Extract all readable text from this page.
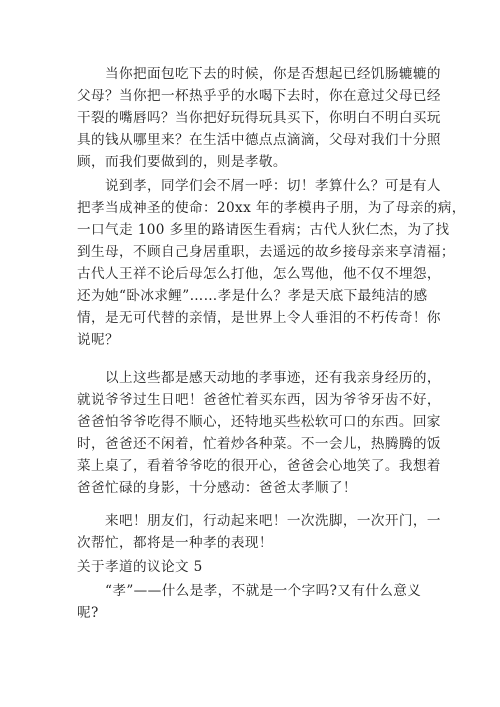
　　当你把面包吃下去的时候，你是否想起已经饥肠辘辘的
父母？当你把一杯热乎乎的水喝下去时，你在意过父母已经
干裂的嘴唇吗？当你把好玩得玩具买下，你明白不明白买玩
具的钱从哪里来？在生活中德点点滴滴，父母对我们十分照
顾，而我们要做到的，则是孝敬。
　　说到孝，同学们会不屑一呼：切！孝算什么？可是有人
把孝当成神圣的使命：20xx 年的孝模冉子朋，为了母亲的病，
一口气走 100 多里的路请医生看病；古代人狄仁杰，为了找
到生母，不顾自己身居重职，去遥远的故乡接母亲来享清福；
古代人王祥不论后母怎么打他，怎么骂他，他不仅不埋怨，
还为她“卧冰求鲤”……孝是什么？孝是天底下最纯洁的感
情，是无可代替的亲情，是世界上令人垂泪的不朽传奇！你
说呢？
　　以上这些都是感天动地的孝事迹，还有我亲身经历的，
就说爷爷过生日吧！爸爸忙着买东西，因为爷爷牙齿不好，
爸爸怕爷爷吃得不顺心，还特地买些松软可口的东西。回家
时，爸爸还不闲着，忙着炒各种菜。不一会儿，热腾腾的饭
菜上桌了，看着爷爷吃的很开心，爸爸会心地笑了。我想着
爸爸忙碌的身影，十分感动：爸爸太孝顺了！
　　来吧！朋友们，行动起来吧！一次洗脚，一次开门，一
次帮忙，都将是一种孝的表现！
关于孝道的议论文 5
　　“孝”——什么是孝，不就是一个字吗?又有什么意义
呢?
